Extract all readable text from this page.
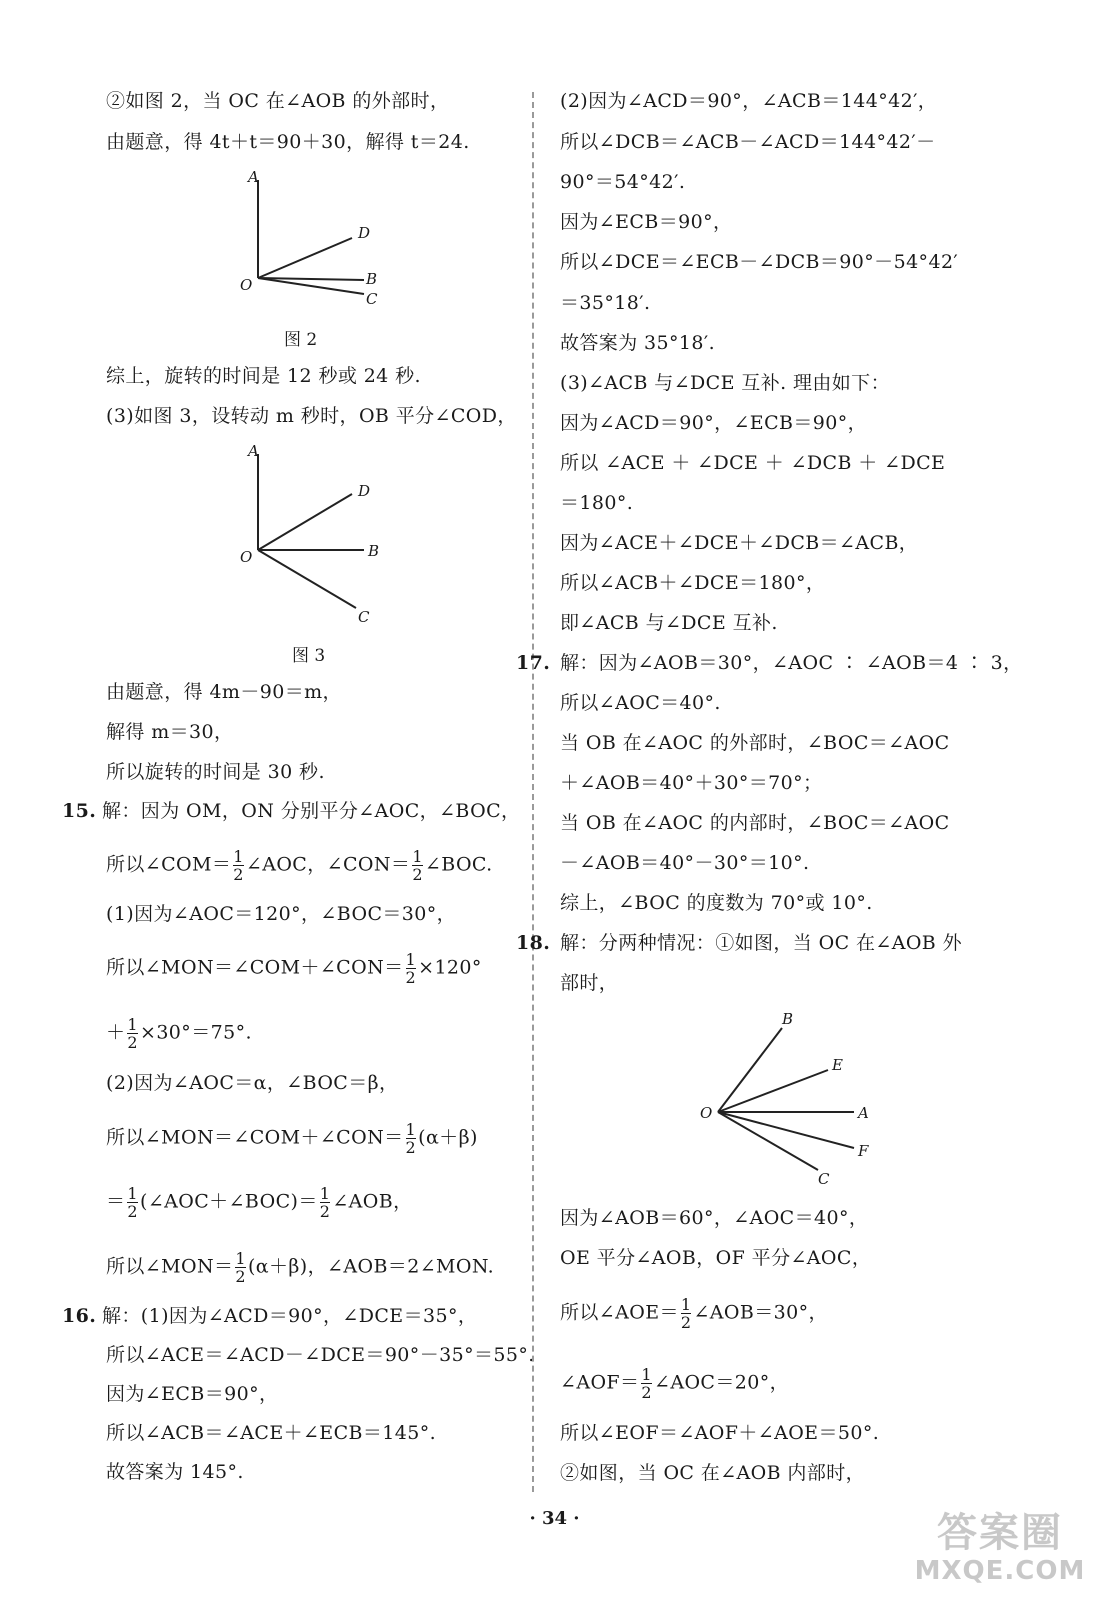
②如图 2，当 OC 在∠AOB 的外部时，
由题意，得 4t＋t＝90＋30，解得 t＝24.
A
D
O	B
C
图 2
综上，旋转的时间是 12 秒或 24 秒.
(3)如图 3，设转动 m 秒时，OB 平分∠COD，
A
D
O	B
C
图 3
由题意，得 4m－90＝m，
解得 m＝30，
所以旋转的时间是 30 秒.
15. 解：因为 OM，ON 分别平分∠AOC，∠BOC，
所以∠COM＝ $\frac{1}{2}$ ∠AOC，∠CON＝ $\frac{1}{2}$ ∠BOC.
(1)因为∠AOC＝120°，∠BOC＝30°，
所以∠MON＝∠COM＋∠CON＝ $\frac{1}{2} \times 120^\circ$
＋ $\frac{1}{2} \times 30^\circ=75^\circ$.
(2)因为∠AOC＝α，∠BOC＝β，
所以∠MON＝∠COM＋∠CON＝ $\frac{1}{2} (\alpha+\beta)$
＝ $\frac{1}{2}$ (∠AOC＋∠BOC)＝ $\frac{1}{2}$ ∠AOB，
所以∠MON＝ $\frac{1}{2} (\alpha+\beta)$，∠AOB＝2∠MON.
16. 解：(1)因为∠ACD＝90°，∠DCE＝35°，
所以∠ACE＝∠ACD－∠DCE＝90°－35°＝55°.
因为∠ECB＝90°，
所以∠ACB＝∠ACE＋∠ECB＝145°.
故答案为 145°.
(2)因为∠ACD＝90°，∠ACB＝144°42′，
所以∠DCB＝∠ACB－∠ACD＝144°42′－
90°＝54°42′.
因为∠ECB＝90°，
所以∠DCE＝∠ECB－∠DCB＝90°－54°42′
＝35°18′.
故答案为 35°18′.
(3)∠ACB 与∠DCE 互补. 理由如下：
因为∠ACD＝90°，∠ECB＝90°，
所以 ∠ACE ＋ ∠DCE ＋ ∠DCB ＋ ∠DCE
＝180°.
因为∠ACE＋∠DCE＋∠DCB＝∠ACB，
所以∠ACB＋∠DCE＝180°，
即∠ACB 与∠DCE 互补.
17. 解：因为∠AOB＝30°，∠AOC ∶ ∠AOB＝4 ∶ 3，
所以∠AOC＝40°.
当 OB 在∠AOC 的外部时，∠BOC＝∠AOC
＋∠AOB＝40°＋30°＝70°；
当 OB 在∠AOC 的内部时，∠BOC＝∠AOC
－∠AOB＝40°－30°＝10°.
综上，∠BOC 的度数为 70°或 10°.
18. 解：分两种情况：①如图，当 OC 在∠AOB 外
部时，
B
E
O	A
F
C
因为∠AOB＝60°，∠AOC＝40°，
OE 平分∠AOB，OF 平分∠AOC，
所以∠AOE＝ $\frac{1}{2}$ ∠AOB＝30°，
∠AOF＝ $\frac{1}{2}$ ∠AOC＝20°，
所以∠EOF＝∠AOF＋∠AOE＝50°.
②如图，当 OC 在∠AOB 内部时，
· 34 ·	答案圈
MXQE.COM
